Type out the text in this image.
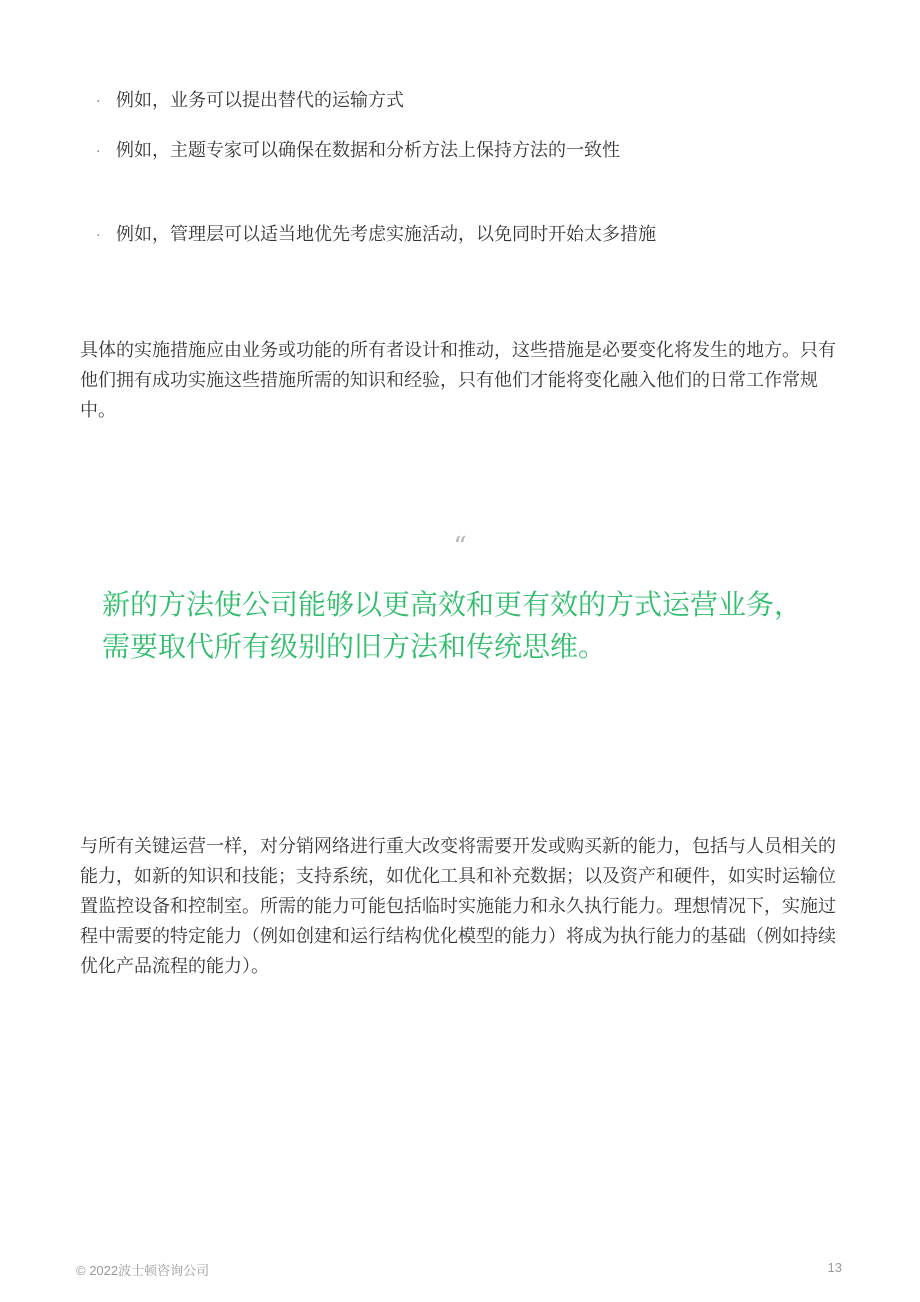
· 例如，业务可以提出替代的运输方式
· 例如，主题专家可以确保在数据和分析方法上保持方法的一致性
· 例如，管理层可以适当地优先考虑实施活动，以免同时开始太多措施
具体的实施措施应由业务或功能的所有者设计和推动，这些措施是必要变化将发生的地方。只有他们拥有成功实施这些措施所需的知识和经验，只有他们才能将变化融入他们的日常工作常规中。
“
新的方法使公司能够以更高效和更有效的方式运营业务，需要取代所有级别的旧方法和传统思维。
与所有关键运营一样，对分销网络进行重大改变将需要开发或购买新的能力，包括与人员相关的能力，如新的知识和技能；支持系统，如优化工具和补充数据；以及资产和硬件，如实时运输位置监控设备和控制室。所需的能力可能包括临时实施能力和永久执行能力。理想情况下，实施过程中需要的特定能力（例如创建和运行结构优化模型的能力）将成为执行能力的基础（例如持续优化产品流程的能力）。
© 2022波士顿咨询公司	13
